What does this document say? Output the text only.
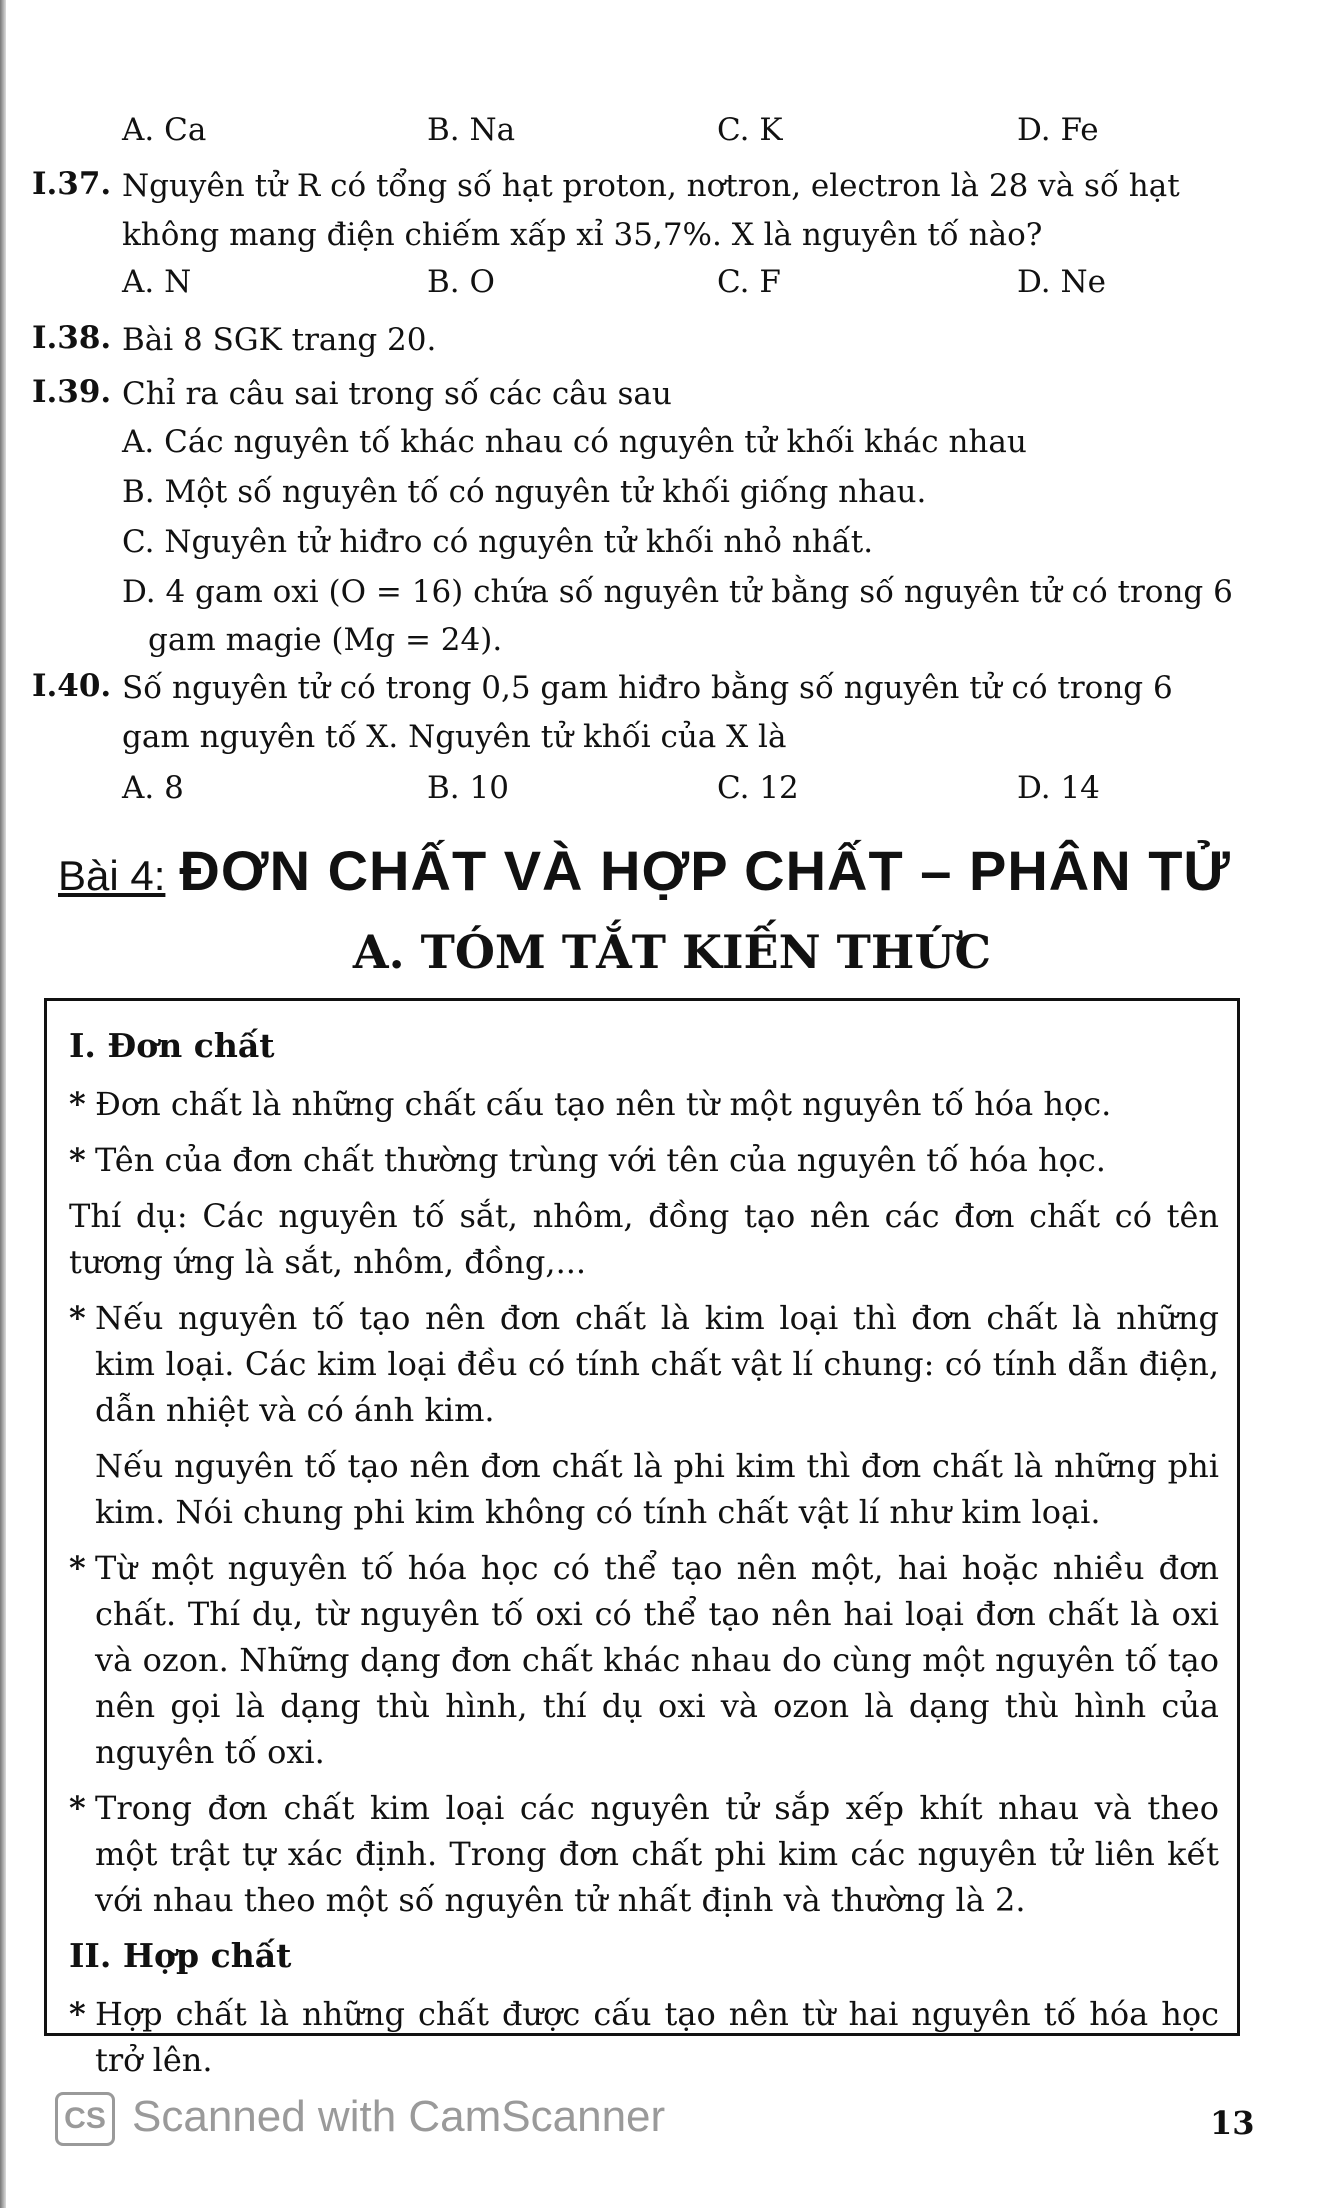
A. Ca	B. Na	C. K	D. Fe
I.37. Nguyên tử R có tổng số hạt proton, nơtron, electron là 28 và số hạt không mang điện chiếm xấp xỉ 35,7%. X là nguyên tố nào?
A. N	B. O	C. F	D. Ne
I.38. Bài 8 SGK trang 20.
I.39. Chỉ ra câu sai trong số các câu sau
A. Các nguyên tố khác nhau có nguyên tử khối khác nhau
B. Một số nguyên tố có nguyên tử khối giống nhau.
C. Nguyên tử hiđro có nguyên tử khối nhỏ nhất.
D. 4 gam oxi (O = 16) chứa số nguyên tử bằng số nguyên tử có trong 6 gam magie (Mg = 24).
I.40. Số nguyên tử có trong 0,5 gam hiđro bằng số nguyên tử có trong 6 gam nguyên tố X. Nguyên tử khối của X là
A. 8	B. 10	C. 12	D. 14
Bài 4: ĐƠN CHẤT VÀ HỢP CHẤT – PHÂN TỬ
A. TÓM TẮT KIẾN THỨC
I. Đơn chất
* Đơn chất là những chất cấu tạo nên từ một nguyên tố hóa học.
* Tên của đơn chất thường trùng với tên của nguyên tố hóa học.
Thí dụ: Các nguyên tố sắt, nhôm, đồng tạo nên các đơn chất có tên tương ứng là sắt, nhôm, đồng,...
* Nếu nguyên tố tạo nên đơn chất là kim loại thì đơn chất là những kim loại. Các kim loại đều có tính chất vật lí chung: có tính dẫn điện, dẫn nhiệt và có ánh kim.
Nếu nguyên tố tạo nên đơn chất là phi kim thì đơn chất là những phi kim. Nói chung phi kim không có tính chất vật lí như kim loại.
* Từ một nguyên tố hóa học có thể tạo nên một, hai hoặc nhiều đơn chất. Thí dụ, từ nguyên tố oxi có thể tạo nên hai loại đơn chất là oxi và ozon. Những dạng đơn chất khác nhau do cùng một nguyên tố tạo nên gọi là dạng thù hình, thí dụ oxi và ozon là dạng thù hình của nguyên tố oxi.
* Trong đơn chất kim loại các nguyên tử sắp xếp khít nhau và theo một trật tự xác định. Trong đơn chất phi kim các nguyên tử liên kết với nhau theo một số nguyên tử nhất định và thường là 2.
II. Hợp chất
* Hợp chất là những chất được cấu tạo nên từ hai nguyên tố hóa học trở lên.
CS Scanned with CamScanner	13
